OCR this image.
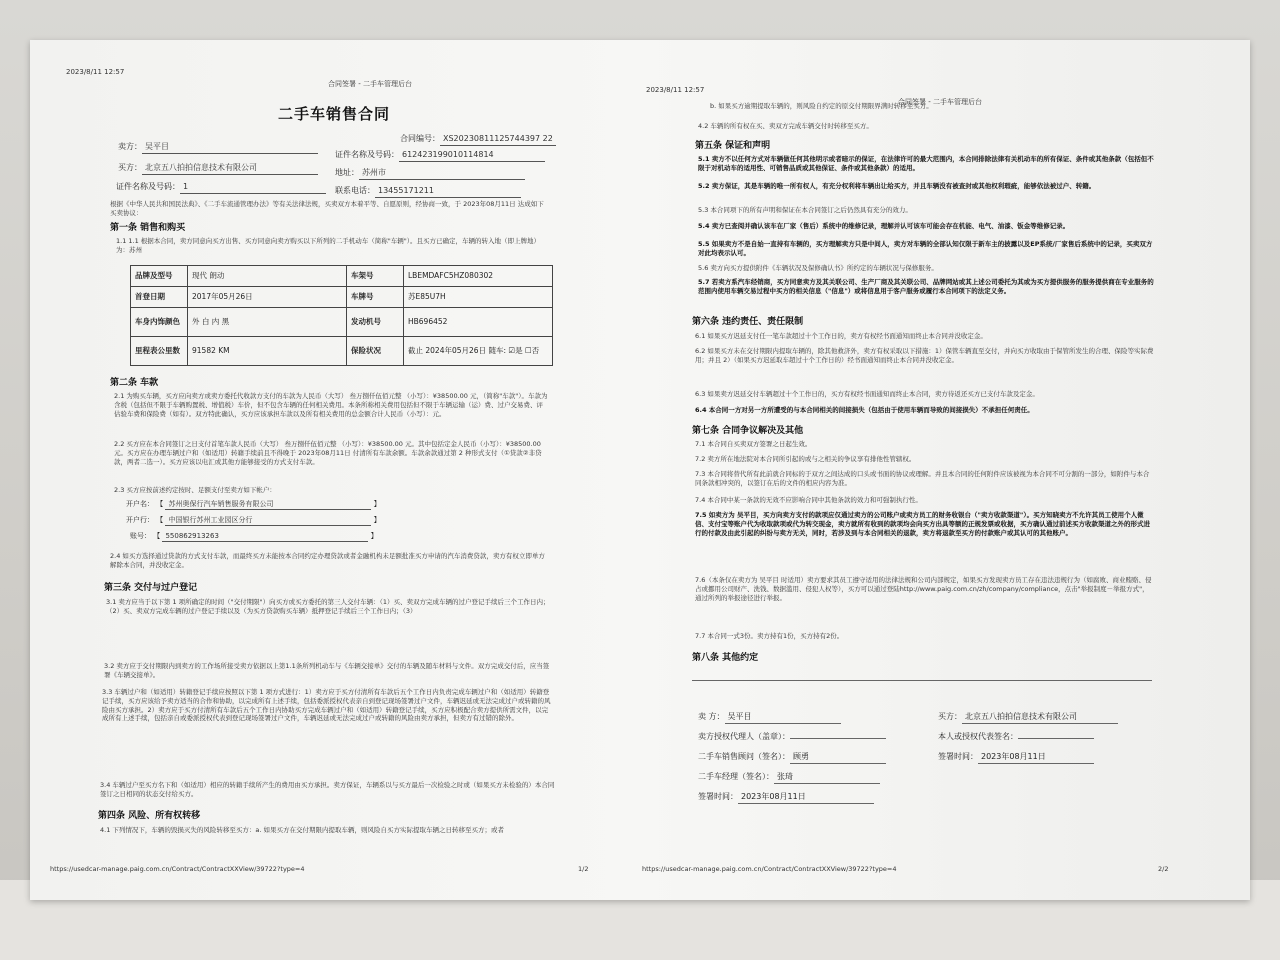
2023/8/11 12:57
合同签署 - 二手车管理后台
二手车销售合同
合同编号： XS20230811125744397 22
卖方： 吴平目
证件名称及号码： 612423199010114814
买方： 北京五八拍拍信息技术有限公司
地址： 苏州市
证件名称及号码： 1	联系电话： 13455171211
根据《中华人民共和国民法典》、《二手车流通管理办法》等有关法律法规，买卖双方本着平等、自愿原则，经协商一致，于 2023年08月11日 达成如下买卖协议：
第一条 销售和购买
1.1 1.1 根据本合同，卖方同意向买方出售、买方同意向卖方购买以下所列的二手机动车（简称"车辆"）。且买方已确定，车辆的转入地（即上牌地）为：苏州
品牌及型号	现代 朗动	车架号	LBEMDAFC5HZ080302
首登日期	2017年05月26日	车牌号	苏E85U7H
车身内饰颜色	外 白 内 黑	发动机号	HB696452
里程表公里数	91582 KM	保险状况	截止 2024年05月26日 随车: ☑是 ☐否
第二条 车款
2.1 为购买车辆，买方应向卖方或卖方委托代收款方支付的车款为人民币（大写） 叁万捌仟伍佰元整 （小写）：¥38500.00 元，（简称"车款"）。车款为含税（包括但不限于车辆购置税、增值税）车价，但不包含车辆的任何相关费用。本条所称相关费用包括但不限于车辆运输（运）费、过户交易费、评估验车费和保险费（如有）。双方特此确认，买方应该承担车款以及所有相关费用的总金额合计人民币（小写）：元。
2.2 买方应在本合同签订之日支付首笔车款人民币（大写） 叁万捌仟伍佰元整 （小写）：¥38500.00 元。其中包括定金人民币（小写）：¥38500.00 元。买方应在办理车辆过户和（如适用）转籍手续前且不得晚于 2023年08月11日 付清所有车款余额。车款余款通过第 2 种形式支付（①贷款②非贷款，两者二选一）。买方应该以电汇或其他方能够接受的方式支付车款。
2.3 买方应按前述约定按时、足额支付至卖方如下帐户：
开户名： 【 苏州奥保行汽车销售服务有限公司	】
开户行： 【 中国银行苏州工业园区分行	】
账号： 【 550862913263	】
2.4 如买方选择通过贷款的方式支付车款，而最终买方未能按本合同约定办理贷款或者金融机构未足额批准买方申请的汽车消费贷款，卖方有权立即单方解除本合同，并没收定金。
第三条 交付与过户登记
3.1 卖方应当于以下第 1 项所确定的时间（"交付期限"）向买方或买方委托的第三人交付车辆：（1）买、卖双方完成车辆的过户登记手续后三个工作日内；（2）买、卖双方完成车辆的过户登记手续以及（为买方贷款购买车辆）抵押登记手续后三个工作日内；（3）
3.2 卖方应于交付期限内到卖方的工作场所接受卖方依据以上第1.1条所列机动车与《车辆交接单》交付的车辆及随车材料与文件。双方完成交付后，应当签署《车辆交接单》。
3.3 车辆过户和（如适用）转籍登记手续应按照以下第 1 项方式进行：1）卖方应于买方付清所有车款后五个工作日内负责完成车辆过户和（如适用）转籍登记手续，买方应该给予卖方适当的合作和协助，以完成所有上述手续，包括委派授权代表亲自到登记现场签署过户文件，车辆迟延或无法完成过户或转籍的风险由买方承担。2）卖方应于买方付清所有车款后五个工作日内协助买方完成车辆过户和（如适用）转籍登记手续，买方应积极配合卖方提供所需文件，以完成所有上述手续，包括亲自或委派授权代表到登记现场签署过户文件，车辆迟延或无法完成过户或转籍的风险由卖方承担，但卖方有过错的除外。
3.4 车辆过户至买方名下和（如适用）相应的转籍手续所产生的费用由买方承担。卖方保证，车辆系以与买方最后一次检验之时或（如果买方未检验的）本合同签订之日相同的状态交付给买方。
第四条 风险、所有权转移
4.1 下列情况下，车辆的毁损灭失的风险转移至买方：a. 如果买方在交付期限内提取车辆，则风险自买方实际提取车辆之日转移至买方；或者
https://usedcar-manage.paig.com.cn/Contract/ContractXXView/39722?type=4	1/2
2023/8/11 12:57
合同签署 - 二手车管理后台
b. 如果买方逾期提取车辆的，则风险自约定的原交付期限界满时转移至买方。
4.2 车辆的所有权在买、卖双方完成车辆交付时转移至买方。
第五条 保证和声明
5.1 卖方不以任何方式对车辆做任何其他明示或者暗示的保证，在法律许可的最大范围内，本合同排除法律有关机动车的所有保证、条件或其他条款（包括但不限于对机动车的适用性、可销售品质或其他保证、条件或其他条款）的适用。
5.2 卖方保证，其是车辆的唯一所有权人，有充分权利将车辆出让给买方，并且车辆没有被查封或其他权利瑕疵，能够依法被过户、转籍。
5.3 本合同项下的所有声明和保证在本合同签订之后仍然具有充分的效力。
5.4 卖方已查阅并确认该车在厂家（售后）系统中的维修记录，理解并认可该车可能会存在机能、电气、油漆、钣金等维修记录。
5.5 如果卖方不是自始一直持有车辆的，买方理解卖方只是中间人，卖方对车辆的全部认知仅限于新车主的披露以及EP系统/厂家售后系统中的记录，买卖双方对此均表示认可。
5.6 卖方向买方提供附件《车辆状况及保修确认书》所约定的车辆状况与保修服务。
5.7 若卖方系汽车经销商，买方同意卖方及其关联公司、生产厂商及其关联公司、品牌网站或其上述公司委托为其或为买方提供服务的服务提供商在专业服务的范围内使用车辆交易过程中买方的相关信息（"信息"）或将信息用于客户服务或履行本合同项下的法定义务。
第六条 违约责任、责任限制
6.1 如果买方迟延支付任一笔车款超过十个工作日的，卖方有权经书面通知而终止本合同并没收定金。
6.2 如果买方未在交付期限内提取车辆的，除其他救济外，卖方有权采取以下措施：1）保管车辆直至交付，并向买方收取由于保管所发生的合理、保险等实际费用；并且 2）（如果买方迟延取车超过十个工作日的）经书面通知而终止本合同并没收定金。
6.3 如果卖方迟延交付车辆超过十个工作日的，买方有权经书面通知而终止本合同，卖方待返还买方已支付车款及定金。
6.4 本合同一方对另一方所遭受的与本合同相关的间接损失（包括由于使用车辆而导致的间接损失）不承担任何责任。
第七条 合同争议解决及其他
7.1 本合同自买卖双方签署之日起生效。
7.2 卖方所在地法院对本合同所引起的或与之相关的争议享有排他性管辖权。
7.3 本合同将替代所有此前就合同标的于双方之间达成的口头或书面的协议或理解。并且本合同的任何附件应该被视为本合同不可分割的一部分，如附件与本合同条款相冲突的，以签订在后的文件的相应内容为准。
7.4 本合同中某一条款的无效不应影响合同中其他条款的效力和可强制执行性。
7.5 如卖方为 吴平目，买方向卖方支付的款项应仅通过卖方的公司账户或卖方员工的财务收银台（"卖方收款渠道"）。买方知晓卖方不允许其员工使用个人微信、支付宝等账户代为收取款项或代为转交现金，卖方就所有收到的款项均会向买方出具等额的正规发票或收据，买方确认通过前述买方收款渠道之外的形式进行的付款及由此引起的纠纷与卖方无关，同时，若涉及到与本合同相关的退款，卖方将退款至买方的付款账户或其认可的其他账户。
7.6（本条仅在卖方为 吴平目 时适用）卖方要求其员工遵守适用的法律法规和公司内部规定，如果买方发现卖方员工存在违法违规行为（如腐败、商业贿赂、侵占或挪用公司财产、洗钱、数据滥用、侵犯人权等），买方可以通过登陆http://www.paig.com.cn/zh/company/compliance，点击"举报制度－举报方式"，通过所列的举报途径进行举报。
7.7 本合同一式3份。卖方持有1份，买方持有2份。
第八条 其他约定
卖 方： 吴平目
卖方授权代理人（盖章）：
二手车销售顾问（签名）： 顾勇
二手车经理（签名）： 张琦
签署时间： 2023年08月11日
买方： 北京五八拍拍信息技术有限公司
本人或授权代表签名：
签署时间： 2023年08月11日
https://usedcar-manage.paig.com.cn/Contract/ContractXXView/39722?type=4	2/2
